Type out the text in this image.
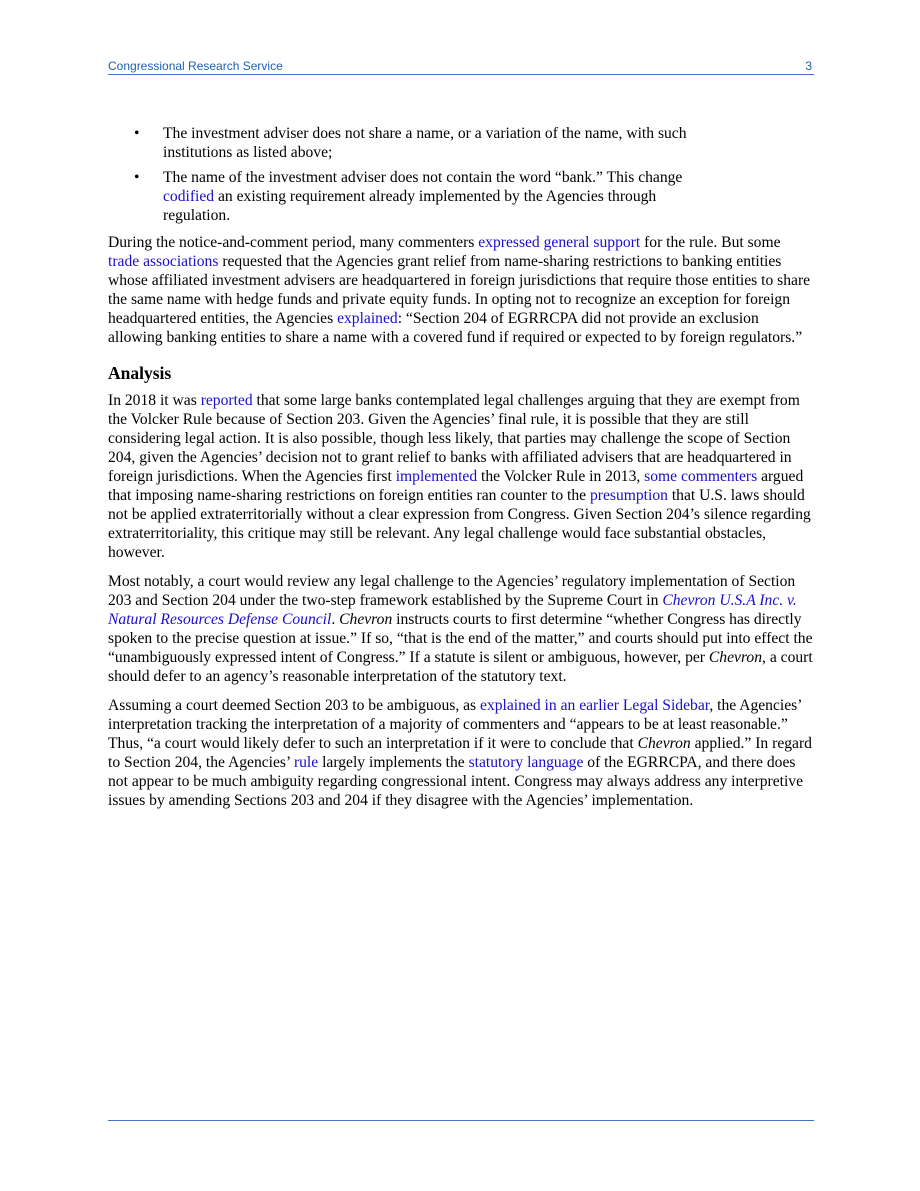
Congressional Research Service	3
• The investment adviser does not share a name, or a variation of the name, with such institutions as listed above;
• The name of the investment adviser does not contain the word “bank.” This change codified an existing requirement already implemented by the Agencies through regulation.

During the notice-and-comment period, many commenters expressed general support for the rule. But some trade associations requested that the Agencies grant relief from name-sharing restrictions to banking entities whose affiliated investment advisers are headquartered in foreign jurisdictions that require those entities to share the same name with hedge funds and private equity funds. In opting not to recognize an exception for foreign headquartered entities, the Agencies explained: “Section 204 of EGRRCPA did not provide an exclusion allowing banking entities to share a name with a covered fund if required or expected to by foreign regulators.”

Analysis

In 2018 it was reported that some large banks contemplated legal challenges arguing that they are exempt from the Volcker Rule because of Section 203. Given the Agencies’ final rule, it is possible that they are still considering legal action. It is also possible, though less likely, that parties may challenge the scope of Section 204, given the Agencies’ decision not to grant relief to banks with affiliated advisers that are headquartered in foreign jurisdictions. When the Agencies first implemented the Volcker Rule in 2013, some commenters argued that imposing name-sharing restrictions on foreign entities ran counter to the presumption that U.S. laws should not be applied extraterritorially without a clear expression from Congress. Given Section 204’s silence regarding extraterritoriality, this critique may still be relevant. Any legal challenge would face substantial obstacles, however.

Most notably, a court would review any legal challenge to the Agencies’ regulatory implementation of Section 203 and Section 204 under the two-step framework established by the Supreme Court in Chevron U.S.A Inc. v. Natural Resources Defense Council. Chevron instructs courts to first determine “whether Congress has directly spoken to the precise question at issue.” If so, “that is the end of the matter,” and courts should put into effect the “unambiguously expressed intent of Congress.” If a statute is silent or ambiguous, however, per Chevron, a court should defer to an agency’s reasonable interpretation of the statutory text.

Assuming a court deemed Section 203 to be ambiguous, as explained in an earlier Legal Sidebar, the Agencies’ interpretation tracking the interpretation of a majority of commenters and “appears to be at least reasonable.” Thus, “a court would likely defer to such an interpretation if it were to conclude that Chevron applied.” In regard to Section 204, the Agencies’ rule largely implements the statutory language of the EGRRCPA, and there does not appear to be much ambiguity regarding congressional intent. Congress may always address any interpretive issues by amending Sections 203 and 204 if they disagree with the Agencies’ implementation.
